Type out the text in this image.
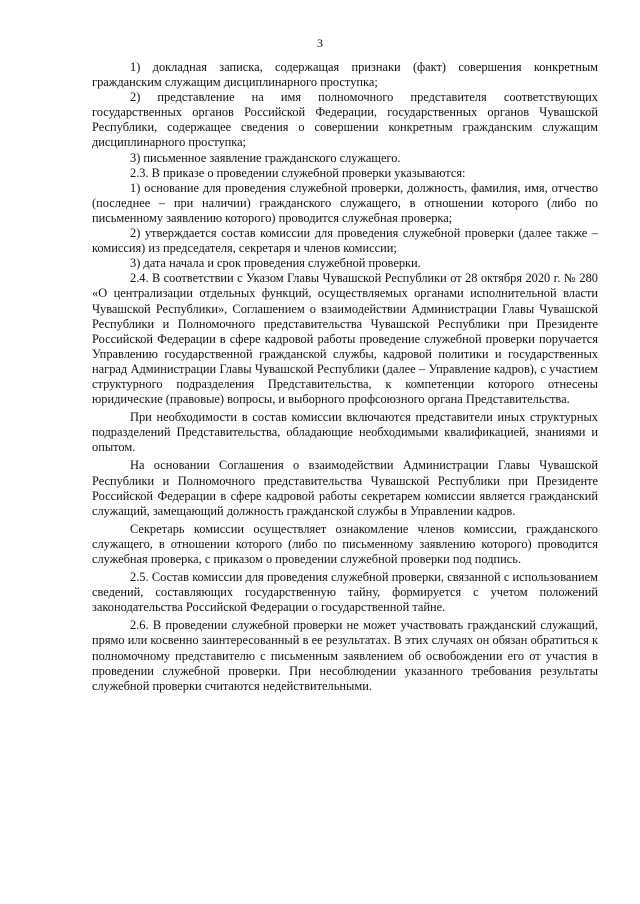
3

1) докладная записка, содержащая признаки (факт) совершения конкретным гражданским служащим дисциплинарного проступка;

2) представление на имя полномочного представителя соответствующих государственных органов Российской Федерации, государственных органов Чувашской Республики, содержащее сведения о совершении конкретным гражданским служащим дисциплинарного проступка;

3) письменное заявление гражданского служащего.

2.3. В приказе о проведении служебной проверки указываются:

1) основание для проведения служебной проверки, должность, фамилия, имя, отчество (последнее – при наличии) гражданского служащего, в отношении которого (либо по письменному заявлению которого) проводится служебная проверка;

2) утверждается состав комиссии для проведения служебной проверки (далее также – комиссия) из председателя, секретаря и членов комиссии;

3) дата начала и срок проведения служебной проверки.

2.4. В соответствии с Указом Главы Чувашской Республики от 28 октября 2020 г. № 280 «О централизации отдельных функций, осуществляемых органами исполнительной власти Чувашской Республики», Соглашением о взаимодействии Администрации Главы Чувашской Республики и Полномочного представительства Чувашской Республики при Президенте Российской Федерации в сфере кадровой работы проведение служебной проверки поручается Управлению государственной гражданской службы, кадровой политики и государственных наград Администрации Главы Чувашской Республики (далее – Управление кадров), с участием структурного подразделения Представительства, к компетенции которого отнесены юридические (правовые) вопросы, и выборного профсоюзного органа Представительства.

При необходимости в состав комиссии включаются представители иных структурных подразделений Представительства, обладающие необходимыми квалификацией, знаниями и опытом.

На основании Соглашения о взаимодействии Администрации Главы Чувашской Республики и Полномочного представительства Чувашской Республики при Президенте Российской Федерации в сфере кадровой работы секретарем комиссии является гражданский служащий, замещающий должность гражданской службы в Управлении кадров.

Секретарь комиссии осуществляет ознакомление членов комиссии, гражданского служащего, в отношении которого (либо по письменному заявлению которого) проводится служебная проверка, с приказом о проведении служебной проверки под подпись.

2.5. Состав комиссии для проведения служебной проверки, связанной с использованием сведений, составляющих государственную тайну, формируется с учетом положений законодательства Российской Федерации о государственной тайне.

2.6. В проведении служебной проверки не может участвовать гражданский служащий, прямо или косвенно заинтересованный в ее результатах. В этих случаях он обязан обратиться к полномочному представителю с письменным заявлением об освобождении его от участия в проведении служебной проверки. При несоблюдении указанного требования результаты служебной проверки считаются недействительными.
